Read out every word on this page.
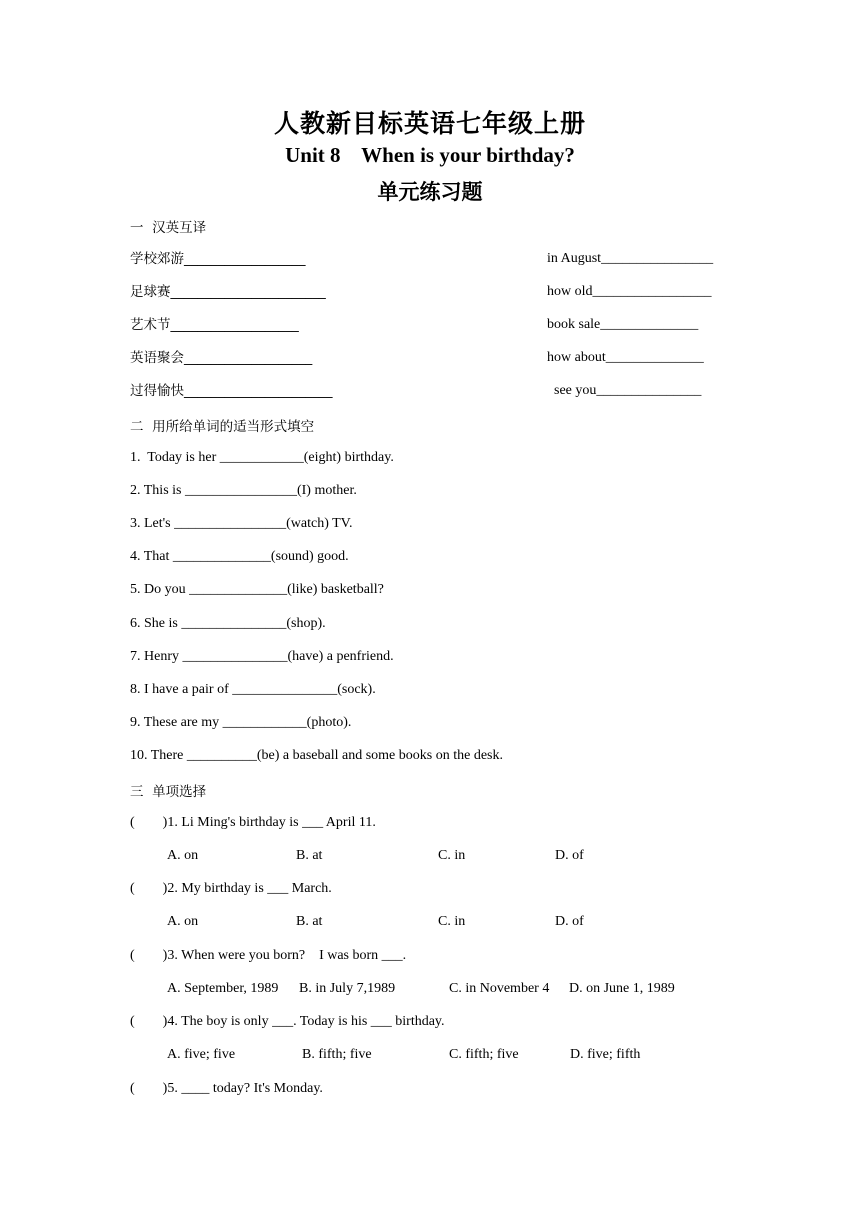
人教新目标英语七年级上册
Unit 8    When is your birthday?
单元练习题
一  汉英互译
学校郊游__________________	in August________________
足球赛_______________________	how old_________________
艺术节___________________	book sale______________
英语聚会___________________	how about______________
过得愉快______________________	see you_______________
二  用所给单词的适当形式填空
1.  Today is her ____________(eight) birthday.
2. This is ________________(I) mother.
3. Let's ________________(watch) TV.
4. That ______________(sound) good.
5. Do you ______________(like) basketball?
6. She is _______________(shop).
7. Henry _______________(have) a penfriend.
8. I have a pair of _______________(sock).
9. These are my ____________(photo).
10. There __________(be) a baseball and some books on the desk.
三  单项选择
(        )1. Li Ming's birthday is ___ April 11.
A. on	B. at	C. in	D. of
(        )2. My birthday is ___ March.
A. on	B. at	C. in	D. of
(        )3. When were you born?    I was born ___.
A. September, 1989 B. in July 7,1989	C. in November 4 D. on June 1, 1989
(        )4. The boy is only ___. Today is his ___ birthday.
A. five; five	B. fifth; five	C. fifth; five	D. five; fifth
(        )5. ____ today? It's Monday.
